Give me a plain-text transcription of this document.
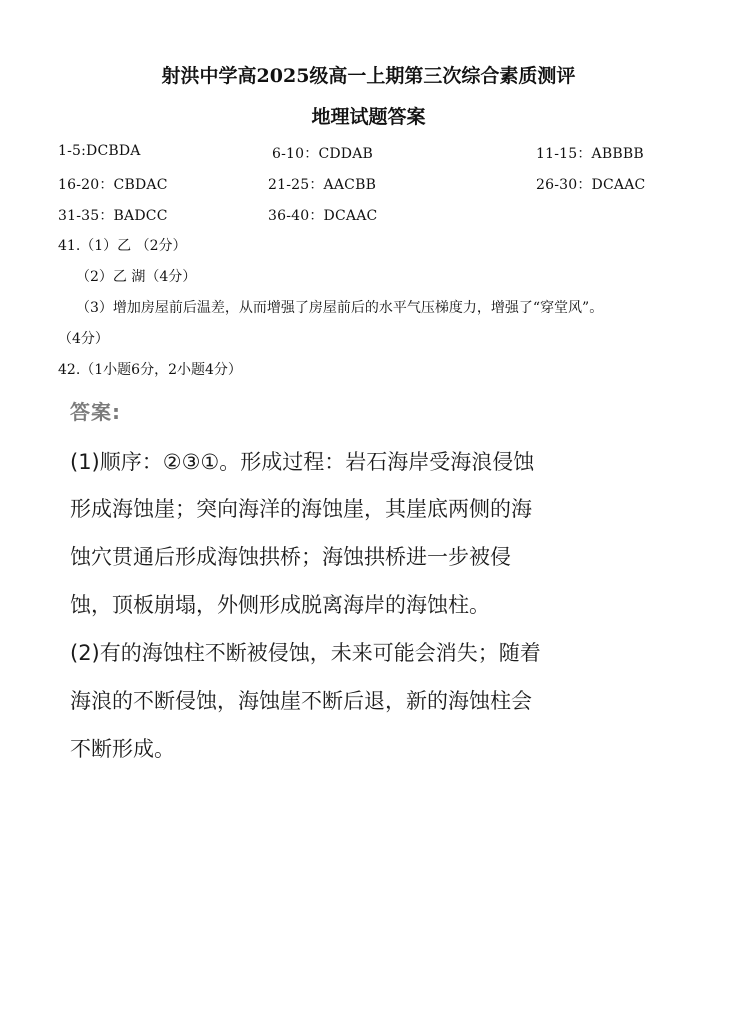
射洪中学高2025级高一上期第三次综合素质测评
地理试题答案
1-5:DCBDA	6-10：CDDAB	11-15：ABBBB
16-20：CBDAC	21-25：AACBB	26-30：DCAAC
31-35：BADCC	36-40：DCAAC
41.（1）乙 （2分）
（2）乙 湖（4分）
（3）增加房屋前后温差，从而增强了房屋前后的水平气压梯度力，增强了“穿堂风”。
（4分）
42.（1小题6分，2小题4分）
答案:
(1)顺序：②③①。形成过程：岩石海岸受海浪侵蚀
形成海蚀崖；突向海洋的海蚀崖，其崖底两侧的海
蚀穴贯通后形成海蚀拱桥；海蚀拱桥进一步被侵
蚀，顶板崩塌，外侧形成脱离海岸的海蚀柱。
(2)有的海蚀柱不断被侵蚀，未来可能会消失；随着
海浪的不断侵蚀，海蚀崖不断后退，新的海蚀柱会
不断形成。
